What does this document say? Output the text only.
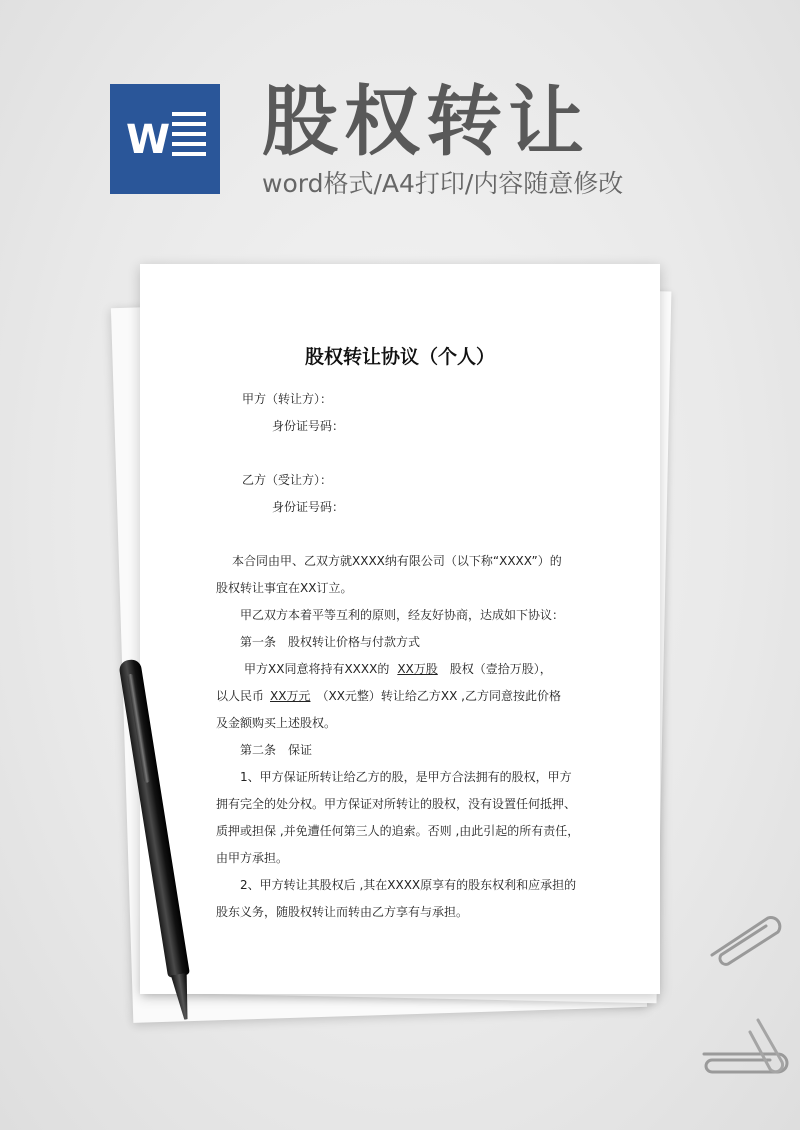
W 股权转让
word格式/A4打印/内容随意修改
股权转让协议（个人）
甲方（转让方）：
身份证号码：
乙方（受让方）：
身份证号码：
本合同由甲、乙双方就XXXX纳有限公司（以下称“XXXX”）的
股权转让事宜在XX订立。
甲乙双方本着平等互利的原则，经友好协商，达成如下协议：
第一条　股权转让价格与付款方式
甲方XX同意将持有XXXX的 XX万股 股权（壹拾万股），
以人民币 XX万元 （XX元整）转让给乙方XX ,乙方同意按此价格
及金额购买上述股权。
第二条　保证
1、甲方保证所转让给乙方的股，是甲方合法拥有的股权，甲方
拥有完全的处分权。甲方保证对所转让的股权，没有设置任何抵押、
质押或担保 ,并免遭任何第三人的追索。否则 ,由此引起的所有责任，
由甲方承担。
2、甲方转让其股权后 ,其在XXXX原享有的股东权利和应承担的
股东义务，随股权转让而转由乙方享有与承担。
